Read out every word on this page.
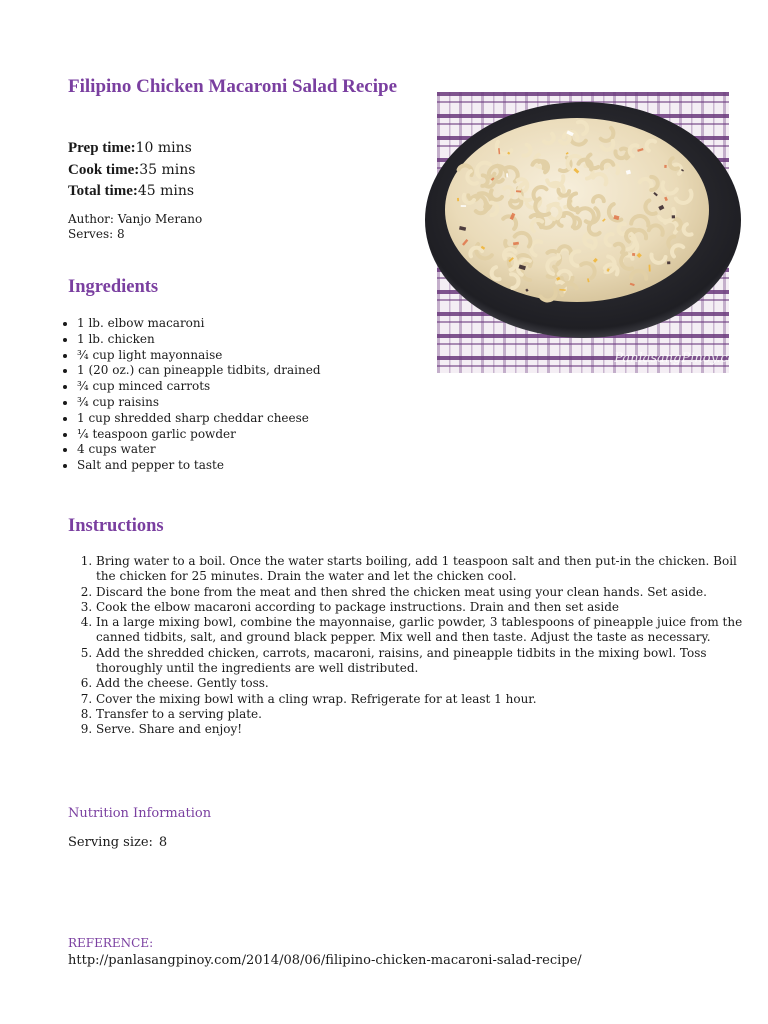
Filipino Chicken Macaroni Salad Recipe
Prep time:10 mins
Cook time:35 mins
Total time:45 mins
Author: Vanjo Merano
Serves: 8
PanlasangPinoy.com
Ingredients
• 1 lb. elbow macaroni
• 1 lb. chicken
• ¾ cup light mayonnaise
• 1 (20 oz.) can pineapple tidbits, drained
• ¾ cup minced carrots
• ¾ cup raisins
• 1 cup shredded sharp cheddar cheese
• ¼ teaspoon garlic powder
• 4 cups water
• Salt and pepper to taste
Instructions
1. Bring water to a boil. Once the water starts boiling, add 1 teaspoon salt and then put-in the chicken. Boil the chicken for 25 minutes. Drain the water and let the chicken cool.
2. Discard the bone from the meat and then shred the chicken meat using your clean hands. Set aside.
3. Cook the elbow macaroni according to package instructions. Drain and then set aside
4. In a large mixing bowl, combine the mayonnaise, garlic powder, 3 tablespoons of pineapple juice from the canned tidbits, salt, and ground black pepper. Mix well and then taste. Adjust the taste as necessary.
5. Add the shredded chicken, carrots, macaroni, raisins, and pineapple tidbits in the mixing bowl. Toss thoroughly until the ingredients are well distributed.
6. Add the cheese. Gently toss.
7. Cover the mixing bowl with a cling wrap. Refrigerate for at least 1 hour.
8. Transfer to a serving plate.
9. Serve. Share and enjoy!
Nutrition Information
Serving size: 8
REFERENCE:
http://panlasangpinoy.com/2014/08/06/filipino-chicken-macaroni-salad-recipe/
